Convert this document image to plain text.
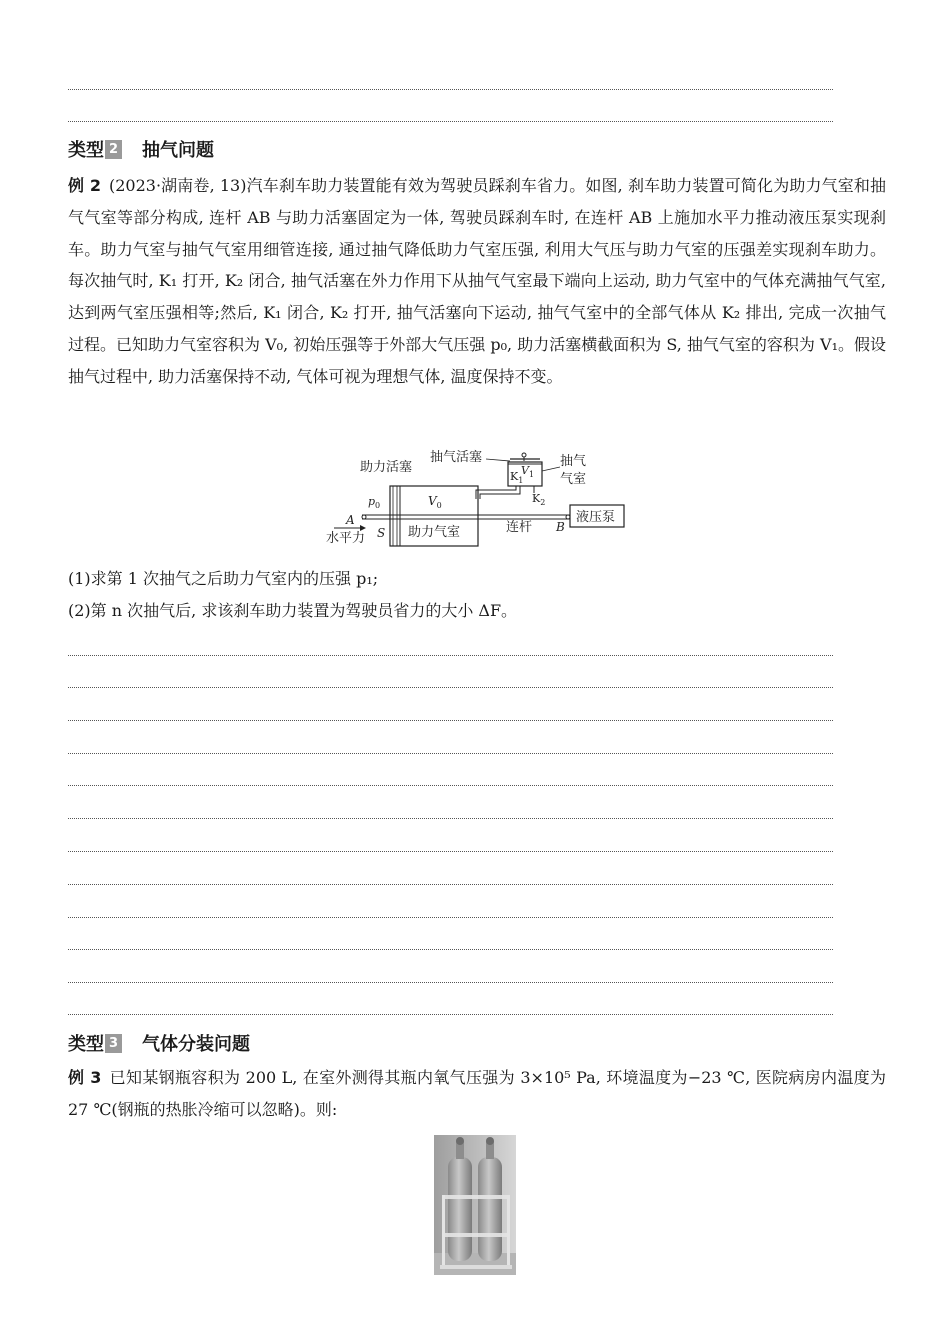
类型 2 抽气问题
例 2 (2023·湖南卷, 13)汽车刹车助力装置能有效为驾驶员踩刹车省力。如图, 刹车助力装置可简化为助力气室和抽气气室等部分构成, 连杆 AB 与助力活塞固定为一体, 驾驶员踩刹车时, 在连杆 AB 上施加水平力推动液压泵实现刹车。助力气室与抽气气室用细管连接, 通过抽气降低助力气室压强, 利用大气压与助力气室的压强差实现刹车助力。每次抽气时, K₁ 打开, K₂ 闭合, 抽气活塞在外力作用下从抽气气室最下端向上运动, 助力气室中的气体充满抽气气室, 达到两气室压强相等;然后, K₁ 闭合, K₂ 打开, 抽气活塞向下运动, 抽气气室中的全部气体从 K₂ 排出, 完成一次抽气过程。已知助力气室容积为 V₀, 初始压强等于外部大气压强 p₀, 助力活塞横截面积为 S, 抽气气室的容积为 V₁。假设抽气过程中, 助力活塞保持不动, 气体可视为理想气体, 温度保持不变。
$K_1$
$V_1$
$K_2$
抽气活塞	抽气
气室
助力活塞
$p_0$	$V_0$
助力气室
S
A
水平力
连杆 B
液压泵
(1)求第 1 次抽气之后助力气室内的压强 p₁;
(2)第 n 次抽气后, 求该刹车助力装置为驾驶员省力的大小 ΔF。
类型 3 气体分装问题
例 3 已知某钢瓶容积为 200 L, 在室外测得其瓶内氧气压强为 3×10⁵ Pa, 环境温度为−23 ℃, 医院病房内温度为 27 ℃(钢瓶的热胀冷缩可以忽略)。则:
